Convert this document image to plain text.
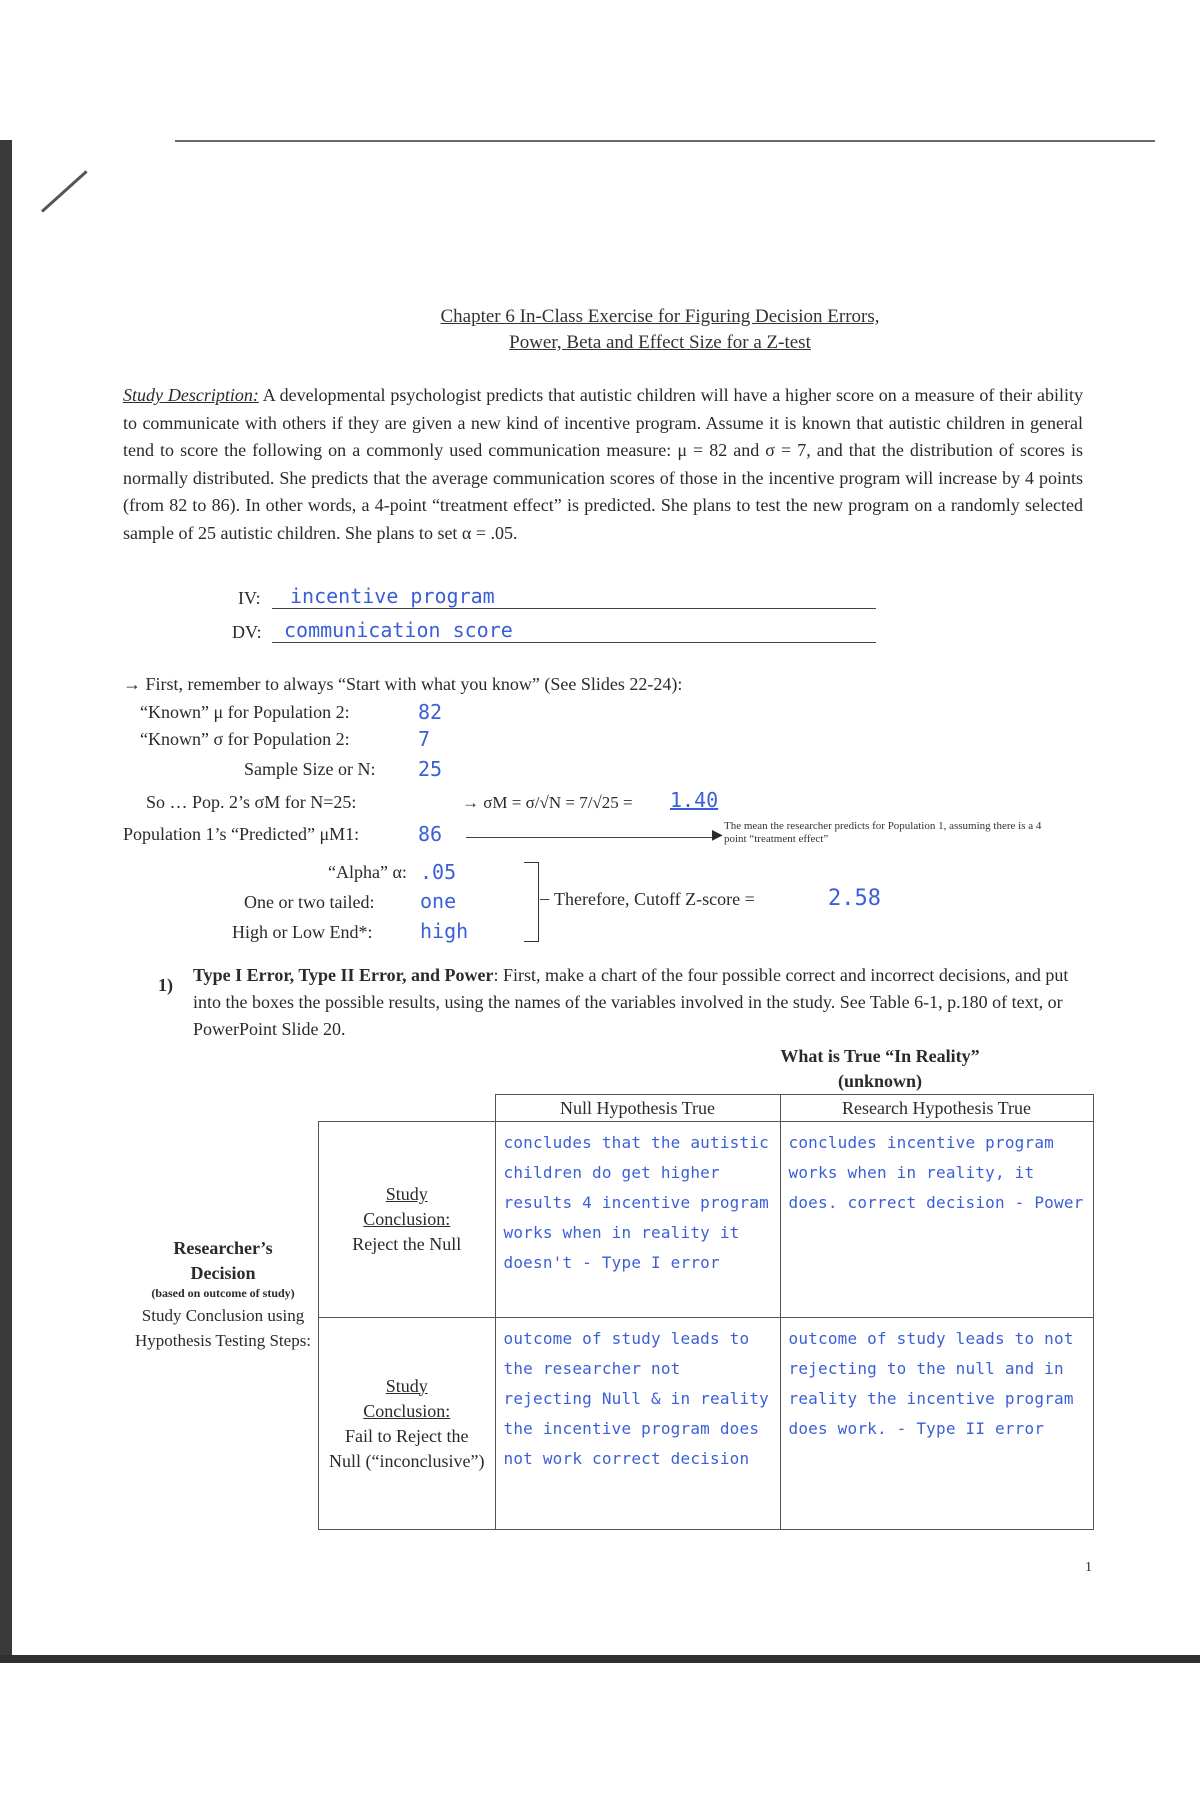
Chapter 6 In-Class Exercise for Figuring Decision Errors,
Power, Beta and Effect Size for a Z-test
Study Description: A developmental psychologist predicts that autistic children will have a higher score on a measure of their ability to communicate with others if they are given a new kind of incentive program. Assume it is known that autistic children in general tend to score the following on a commonly used communication measure: μ = 82 and σ = 7, and that the distribution of scores is normally distributed. She predicts that the average communication scores of those in the incentive program will increase by 4 points (from 82 to 86). In other words, a 4-point “treatment effect” is predicted. She plans to test the new program on a randomly selected sample of 25 autistic children. She plans to set α = .05.
IV: incentive program
DV: communication score
→ First, remember to always “Start with what you know” (See Slides 22-24):
“Known” μ for Population 2:	82
“Known” σ for Population 2:	7
Sample Size or N: 25
So … Pop. 2’s σM for N=25:	→ σM = σ/√N = 7/√25 = 1.40
Population 1’s “Predicted” μM1:	86	▶
The mean the researcher predicts for Population 1, assuming there is a 4 point “treatment effect”
“Alpha” α: .05
One or two tailed: one
High or Low End*: high
– Therefore, Cutoff Z-score =	2.58
1) Type I Error, Type II Error, and Power: First, make a chart of the four possible correct and incorrect decisions, and put into the boxes the possible results, using the names of the variables involved in the study. See Table 6-1, p.180 of text, or PowerPoint Slide 20.
What is True “In Reality”
(unknown)
	Null Hypothesis True	Research Hypothesis True

Study
Conclusion:
Reject the Null	concludes that the autistic children do get higher results 4 incentive program works when in reality it doesn't - Type I error	concludes incentive program works when in reality, it does. correct decision - Power

Study
Conclusion:
Fail to Reject the Null (“inconclusive”)	outcome of study leads to the researcher not rejecting Null & in reality the incentive program does not work correct decision	outcome of study leads to not rejecting to the null and in reality the incentive program does work. - Type II error
Researcher’s
Decision
(based on outcome of study)
Study Conclusion using Hypothesis Testing Steps:
1
